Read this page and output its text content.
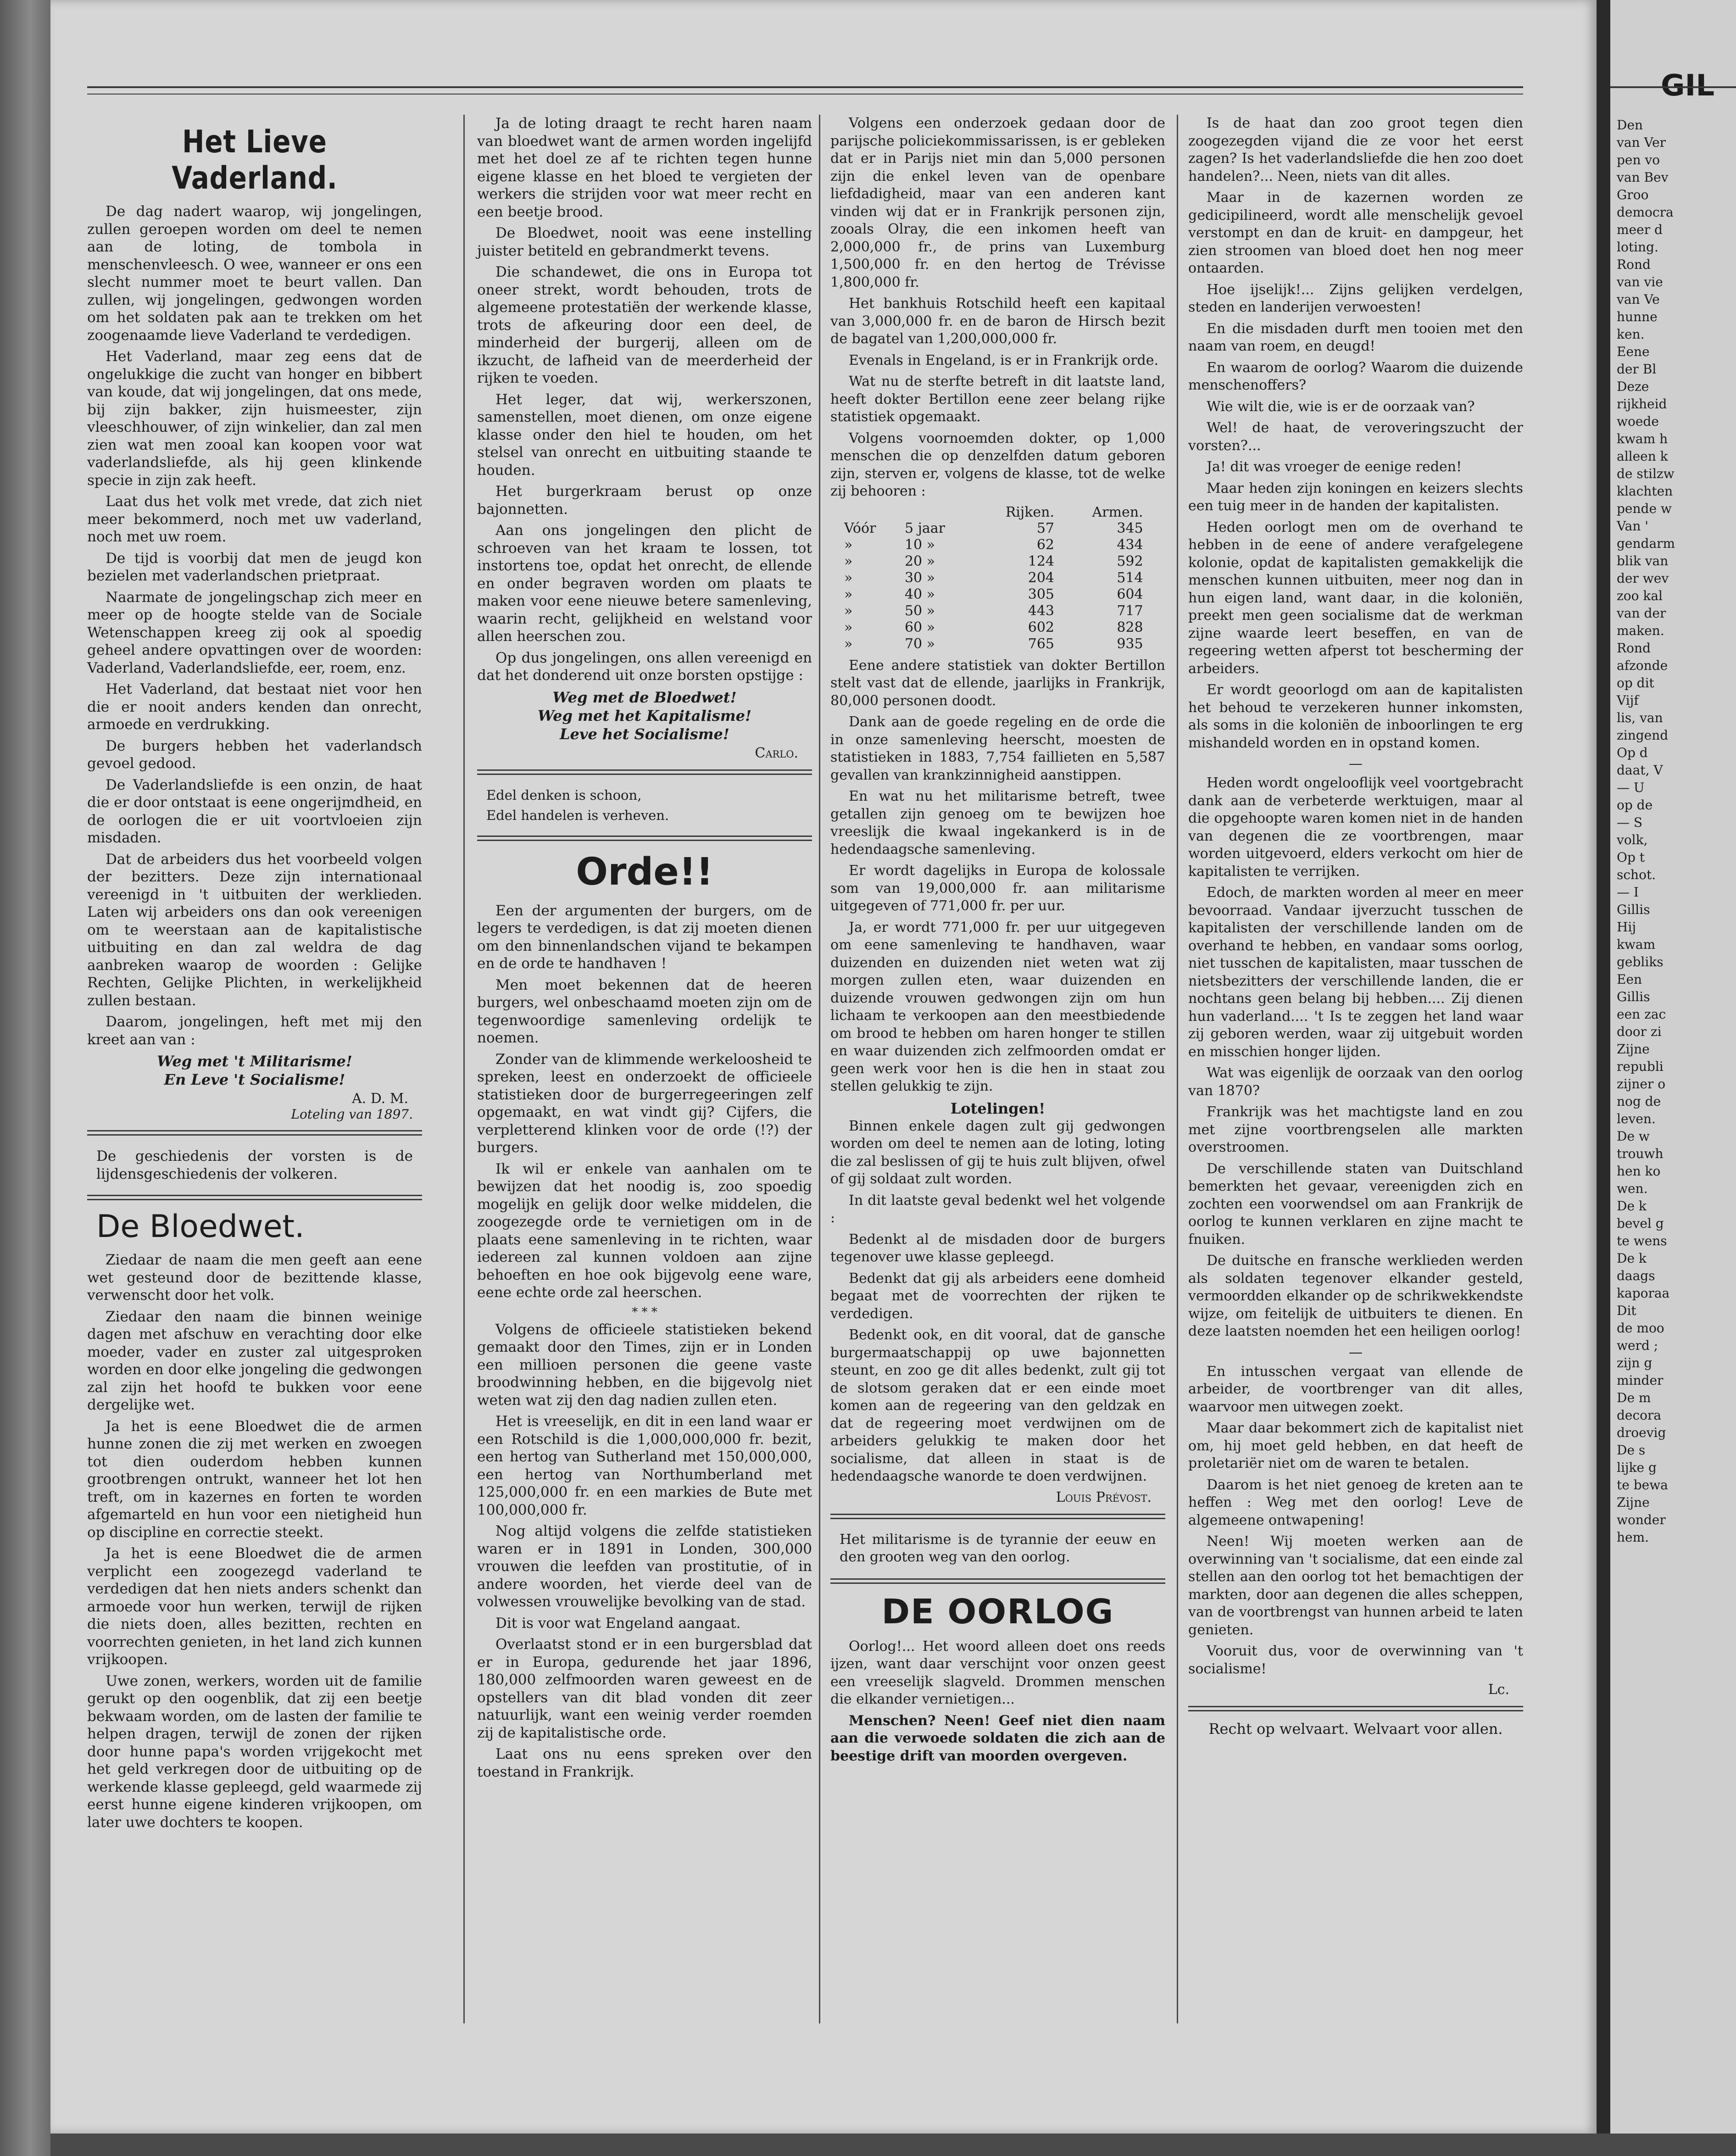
Het Lieve Vaderland.

De dag nadert waarop, wij jongelingen, zullen geroepen worden om deel te nemen aan de loting, de tombola in menschenvleesch. O wee, wanneer er ons een slecht nummer moet te beurt vallen. Dan zullen, wij jongelingen, gedwongen worden om het soldaten pak aan te trekken om het zoogenaamde lieve Vaderland te verdedigen.

Het Vaderland, maar zeg eens dat de ongelukkige die zucht van honger en bibbert van koude, dat wij jongelingen, dat ons mede, bij zijn bakker, zijn huismeester, zijn vleeschhouwer, of zijn winkelier, dan zal men zien wat men zooal kan koopen voor wat vaderlandsliefde, als hij geen klinkende specie in zijn zak heeft.

Laat dus het volk met vrede, dat zich niet meer bekommerd, noch met uw vaderland, noch met uw roem.

De tijd is voorbij dat men de jeugd kon bezielen met vaderlandschen prietpraat.

Naarmate de jongelingschap zich meer en meer op de hoogte stelde van de Sociale Wetenschappen kreeg zij ook al spoedig geheel andere opvattingen over de woorden: Vaderland, Vaderlandsliefde, eer, roem, enz.

Het Vaderland, dat bestaat niet voor hen die er nooit anders kenden dan onrecht, armoede en verdrukking.

De burgers hebben het vaderlandsch gevoel gedood.

De Vaderlandsliefde is een onzin, de haat die er door ontstaat is eene ongerijmdheid, en de oorlogen die er uit voortvloeien zijn misdaden.

Dat de arbeiders dus het voorbeeld volgen der bezitters. Deze zijn internationaal vereenigd in 't uitbuiten der werklieden. Laten wij arbeiders ons dan ook vereenigen om te weerstaan aan de kapitalistische uitbuiting en dan zal weldra de dag aanbreken waarop de woorden : Gelijke Rechten, Gelijke Plichten, in werkelijkheid zullen bestaan.

Daarom, jongelingen, heft met mij den kreet aan van :

Weg met 't Militarisme!
En Leve 't Socialisme!
A. D. M.
Loteling van 1897.

De geschiedenis der vorsten is de lijdensgeschiedenis der volkeren.

De Bloedwet.

Ziedaar de naam die men geeft aan eene wet gesteund door de bezittende klasse, verwenscht door het volk.

Ziedaar den naam die binnen weinige dagen met afschuw en verachting door elke moeder, vader en zuster zal uitgesproken worden en door elke jongeling die gedwongen zal zijn het hoofd te bukken voor eene dergelijke wet.

Ja het is eene Bloedwet die de armen hunne zonen die zij met werken en zwoegen tot dien ouderdom hebben kunnen grootbrengen ontrukt, wanneer het lot hen treft, om in kazernes en forten te worden afgemarteld en hun voor een nietigheid hun op discipline en correctie steekt.

Ja het is eene Bloedwet die de armen verplicht een zoogezegd vaderland te verdedigen dat hen niets anders schenkt dan armoede voor hun werken, terwijl de rijken die niets doen, alles bezitten, rechten en voorrechten genieten, in het land zich kunnen vrijkoopen.

Uwe zonen, werkers, worden uit de familie gerukt op den oogenblik, dat zij een beetje bekwaam worden, om de lasten der familie te helpen dragen, terwijl de zonen der rijken door hunne papa's worden vrijgekocht met het geld verkregen door de uitbuiting op de werkende klasse gepleegd, geld waarmede zij eerst hunne eigene kinderen vrijkoopen, om later uwe dochters te koopen.

Ja de loting draagt te recht haren naam van bloedwet want de armen worden ingelijfd met het doel ze af te richten tegen hunne eigene klasse en het bloed te vergieten der werkers die strijden voor wat meer recht en een beetje brood.

De Bloedwet, nooit was eene instelling juister betiteld en gebrandmerkt tevens.

Die schandewet, die ons in Europa tot oneer strekt, wordt behouden, trots de algemeene protestatiën der werkende klasse, trots de afkeuring door een deel, de minderheid der burgerij, alleen om de ikzucht, de lafheid van de meerderheid der rijken te voeden.

Het leger, dat wij, werkerszonen, samenstellen, moet dienen, om onze eigene klasse onder den hiel te houden, om het stelsel van onrecht en uitbuiting staande te houden.

Het burgerkraam berust op onze bajonnetten.

Aan ons jongelingen den plicht de schroeven van het kraam te lossen, tot instortens toe, opdat het onrecht, de ellende en onder begraven worden om plaats te maken voor eene nieuwe betere samenleving, waarin recht, gelijkheid en welstand voor allen heerschen zou.

Op dus jongelingen, ons allen vereenigd en dat het donderend uit onze borsten opstijge :

Weg met de Bloedwet!
Weg met het Kapitalisme!
Leve het Socialisme!
Carlo.
Edel denken is schoon,
Edel handelen is verheven.
Orde!!

Een der argumenten der burgers, om de legers te verdedigen, is dat zij moeten dienen om den binnenlandschen vijand te bekampen en de orde te handhaven !

Men moet bekennen dat de heeren burgers, wel onbeschaamd moeten zijn om de tegenwoordige samenleving ordelijk te noemen.

Zonder van de klimmende werkeloosheid te spreken, leest en onderzoekt de officieele statistieken door de burgerregeeringen zelf opgemaakt, en wat vindt gij? Cijfers, die verpletterend klinken voor de orde (!?) der burgers.

Ik wil er enkele van aanhalen om te bewijzen dat het noodig is, zoo spoedig mogelijk en gelijk door welke middelen, die zoogezegde orde te vernietigen om in de plaats eene samenleving in te richten, waar iedereen zal kunnen voldoen aan zijne behoeften en hoe ook bijgevolg eene ware, eene echte orde zal heerschen.

* * *

Volgens de officieele statistieken bekend gemaakt door den Times, zijn er in Londen een millioen personen die geene vaste broodwinning hebben, en die bijgevolg niet weten wat zij den dag nadien zullen eten.

Het is vreeselijk, en dit in een land waar er een Rotschild is die 1,000,000,000 fr. bezit, een hertog van Sutherland met 150,000,000, een hertog van Northumberland met 125,000,000 fr. en een markies de Bute met 100,000,000 fr.

Nog altijd volgens die zelfde statistieken waren er in 1891 in Londen, 300,000 vrouwen die leefden van prostitutie, of in andere woorden, het vierde deel van de volwessen vrouwelijke bevolking van de stad.

Dit is voor wat Engeland aangaat.

Overlaatst stond er in een burgersblad dat er in Europa, gedurende het jaar 1896, 180,000 zelfmoorden waren geweest en de opstellers van dit blad vonden dit zeer natuurlijk, want een weinig verder roemden zij de kapitalistische orde.

Laat ons nu eens spreken over den toestand in Frankrijk.

Volgens een onderzoek gedaan door de parijsche policiekommissarissen, is er gebleken dat er in Parijs niet min dan 5,000 personen zijn die enkel leven van de openbare liefdadigheid, maar van een anderen kant vinden wij dat er in Frankrijk personen zijn, zooals Olray, die een inkomen heeft van 2,000,000 fr., de prins van Luxemburg 1,500,000 fr. en den hertog de Trévisse 1,800,000 fr.

Het bankhuis Rotschild heeft een kapitaal van 3,000,000 fr. en de baron de Hirsch bezit de bagatel van 1,200,000,000 fr.

Evenals in Engeland, is er in Frankrijk orde.

Wat nu de sterfte betreft in dit laatste land, heeft dokter Bertillon eene zeer belang rijke statistiek opgemaakt.

Volgens voornoemden dokter, op 1,000 menschen die op denzelfden datum geboren zijn, sterven er, volgens de klasse, tot de welke zij behooren :

		Rijken.	Armen.
Vóór	5 jaar	57	345
»	10 »	62	434
»	20 »	124	592
»	30 »	204	514
»	40 »	305	604
»	50 »	443	717
»	60 »	602	828
»	70 »	765	935

Eene andere statistiek van dokter Bertillon stelt vast dat de ellende, jaarlijks in Frankrijk, 80,000 personen doodt.

Dank aan de goede regeling en de orde die in onze samenleving heerscht, moesten de statistieken in 1883, 7,754 faillieten en 5,587 gevallen van krankzinnigheid aanstippen.

En wat nu het militarisme betreft, twee getallen zijn genoeg om te bewijzen hoe vreeslijk die kwaal ingekankerd is in de hedendaagsche samenleving.

Er wordt dagelijks in Europa de kolossale som van 19,000,000 fr. aan militarisme uitgegeven of 771,000 fr. per uur.

Ja, er wordt 771,000 fr. per uur uitgegeven om eene samenleving te handhaven, waar duizenden en duizenden niet weten wat zij morgen zullen eten, waar duizenden en duizende vrouwen gedwongen zijn om hun lichaam te verkoopen aan den meestbiedende om brood te hebben om haren honger te stillen en waar duizenden zich zelfmoorden omdat er geen werk voor hen is die hen in staat zou stellen gelukkig te zijn.

Lotelingen!

Binnen enkele dagen zult gij gedwongen worden om deel te nemen aan de loting, loting die zal beslissen of gij te huis zult blijven, ofwel of gij soldaat zult worden.

In dit laatste geval bedenkt wel het volgende :

Bedenkt al de misdaden door de burgers tegenover uwe klasse gepleegd.

Bedenkt dat gij als arbeiders eene domheid begaat met de voorrechten der rijken te verdedigen.

Bedenkt ook, en dit vooral, dat de gansche burgermaatschappij op uwe bajonnetten steunt, en zoo ge dit alles bedenkt, zult gij tot de slotsom geraken dat er een einde moet komen aan de regeering van den geldzak en dat de regeering moet verdwijnen om de arbeiders gelukkig te maken door het socialisme, dat alleen in staat is de hedendaagsche wanorde te doen verdwijnen.

Louis Prévost.

Het militarisme is de tyrannie der eeuw en den grooten weg van den oorlog.

DE OORLOG

Oorlog!... Het woord alleen doet ons reeds ijzen, want daar verschijnt voor onzen geest een vreeselijk slagveld. Drommen menschen die elkander vernietigen...

Menschen? Neen! Geef niet dien naam aan die verwoede soldaten die zich aan de beestige drift van moorden overgeven.

Is de haat dan zoo groot tegen dien zoogezegden vijand die ze voor het eerst zagen? Is het vaderlandsliefde die hen zoo doet handelen?... Neen, niets van dit alles.

Maar in de kazernen worden ze gedicipilineerd, wordt alle menschelijk gevoel verstompt en dan de kruit- en dampgeur, het zien stroomen van bloed doet hen nog meer ontaarden.

Hoe ijselijk!... Zijns gelijken verdelgen, steden en landerijen verwoesten!

En die misdaden durft men tooien met den naam van roem, en deugd!

En waarom de oorlog? Waarom die duizende menschenoffers?

Wie wilt die, wie is er de oorzaak van?

Wel! de haat, de veroveringszucht der vorsten?...

Ja! dit was vroeger de eenige reden!

Maar heden zijn koningen en keizers slechts een tuig meer in de handen der kapitalisten.

Heden oorlogt men om de overhand te hebben in de eene of andere verafgelegene kolonie, opdat de kapitalisten gemakkelijk die menschen kunnen uitbuiten, meer nog dan in hun eigen land, want daar, in die koloniën, preekt men geen socialisme dat de werkman zijne waarde leert beseffen, en van de regeering wetten afperst tot bescherming der arbeiders.

Er wordt geoorlogd om aan de kapitalisten het behoud te verzekeren hunner inkomsten, als soms in die koloniën de inboorlingen te erg mishandeld worden en in opstand komen.

—

Heden wordt ongelooflijk veel voortgebracht dank aan de verbeterde werktuigen, maar al die opgehoopte waren komen niet in de handen van degenen die ze voortbrengen, maar worden uitgevoerd, elders verkocht om hier de kapitalisten te verrijken.

Edoch, de markten worden al meer en meer bevoorraad. Vandaar ijverzucht tusschen de kapitalisten der verschillende landen om de overhand te hebben, en vandaar soms oorlog, niet tusschen de kapitalisten, maar tusschen de nietsbezitters der verschillende landen, die er nochtans geen belang bij hebben.... Zij dienen hun vaderland.... 't Is te zeggen het land waar zij geboren werden, waar zij uitgebuit worden en misschien honger lijden.

Wat was eigenlijk de oorzaak van den oorlog van 1870?

Frankrijk was het machtigste land en zou met zijne voortbrengselen alle markten overstroomen.

De verschillende staten van Duitschland bemerkten het gevaar, vereenigden zich en zochten een voorwendsel om aan Frankrijk de oorlog te kunnen verklaren en zijne macht te fnuiken.

De duitsche en fransche werklieden werden als soldaten tegenover elkander gesteld, vermoordden elkander op de schrikwekkendste wijze, om feitelijk de uitbuiters te dienen. En deze laatsten noemden het een heiligen oorlog!

—

En intusschen vergaat van ellende de arbeider, de voortbrenger van dit alles, waarvoor men uitwegen zoekt.

Maar daar bekommert zich de kapitalist niet om, hij moet geld hebben, en dat heeft de proletariër niet om de waren te betalen.

Daarom is het niet genoeg de kreten aan te heffen : Weg met den oorlog! Leve de algemeene ontwapening!

Neen! Wij moeten werken aan de overwinning van 't socialisme, dat een einde zal stellen aan den oorlog tot het bemachtigen der markten, door aan degenen die alles scheppen, van de voortbrengst van hunnen arbeid te laten genieten.

Vooruit dus, voor de overwinning van 't socialisme!

Lc.
Recht op welvaart. Welvaart voor allen.
GIL
Den
van Ver
pen vo
van Bev
Groo
democra
meer d
loting.
Rond
van vie
van Ve
hunne
ken.
Eene
der Bl
Deze
rijkheid
woede
kwam h
alleen k
de stilzw
klachten
pende w
Van '
gendarm
blik van
der wev
zoo kal
van der
maken.
Rond
afzonde
op dit
Vijf
lis, van
zingend
Op d
daat, V
— U
op de
— S
volk,
Op t
schot.
— I
Gillis
Hij
kwam
gebliks
Een
Gillis
een zac
door zi
Zijne
republi
zijner o
nog de
leven.
De w
trouwh
hen ko
wen.
De k
bevel g
te wens
De k
daags
kaporaa
Dit
de moo
werd ;
zijn g
minder
De m
decora
droevig
De s
lijke g
te bewa
Zijne
wonder
hem.
